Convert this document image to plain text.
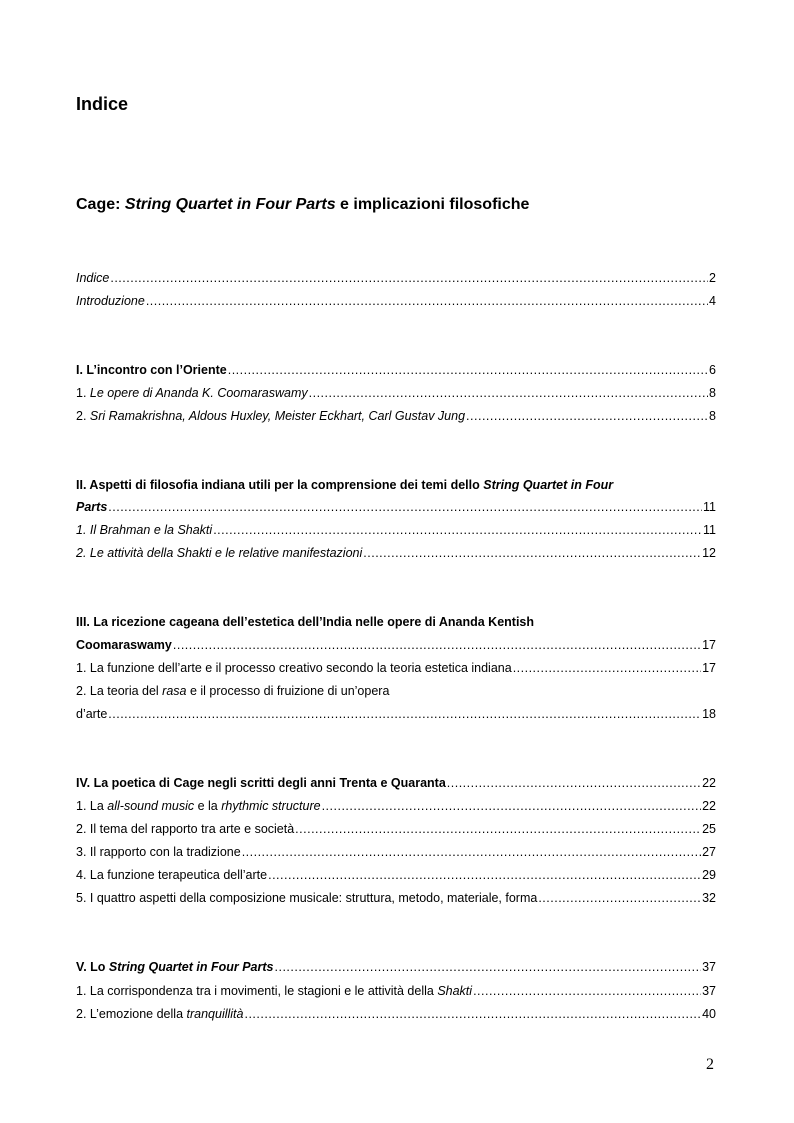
Indice
Cage: String Quartet in Four Parts e implicazioni filosofiche
Indice .....	2
Introduzione .....	4
I. L’incontro con l’Oriente .....	6
1. Le opere di Ananda K. Coomaraswamy .....	8
2. Sri Ramakrishna, Aldous Huxley, Meister Eckhart, Carl Gustav Jung .....	8
II. Aspetti di filosofia indiana utili per la comprensione dei temi dello String Quartet in Four
Parts .....	11
1. Il Brahman e la Shakti .....	11
2. Le attività della Shakti e le relative manifestazioni .....	12
III. La ricezione cageana dell’estetica dell’India nelle opere di Ananda Kentish
Coomaraswamy .....	17
1. La funzione dell’arte e il processo creativo secondo la teoria estetica indiana .....	17
2. La teoria del rasa e il processo di fruizione di un’opera
d’arte .....	18
IV. La poetica di Cage negli scritti degli anni Trenta e Quaranta .....	22
1. La all-sound music e la rhythmic structure .....	22
2. Il tema del rapporto tra arte e società .....	25
3. Il rapporto con la tradizione .....	27
4. La funzione terapeutica dell’arte .....	29
5. I quattro aspetti della composizione musicale: struttura, metodo, materiale, forma .....	32
V. Lo String Quartet in Four Parts .....	37
1. La corrispondenza tra i movimenti, le stagioni e le attività della Shakti .....	37
2. L’emozione della tranquillità .....	40
2
